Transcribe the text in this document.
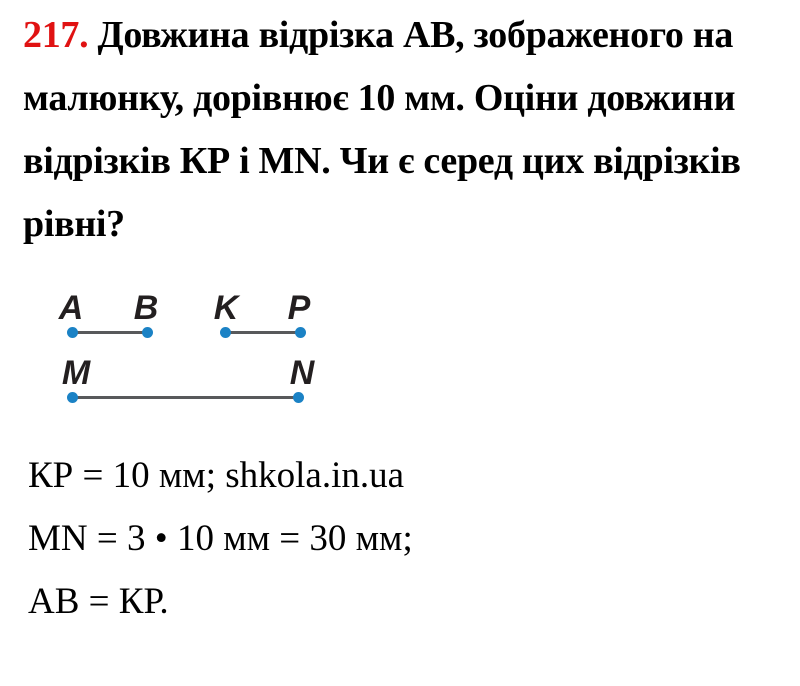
217. Довжина відрізка АВ, зображеного на
малюнку, дорівнює 10 мм. Оціни довжини
відрізків КР і MN. Чи є серед цих відрізків
рівні?

A B K P
M	N

КР = 10 мм; shkola.in.ua
MN = 3 • 10 мм = 30 мм;
АВ = КР.
